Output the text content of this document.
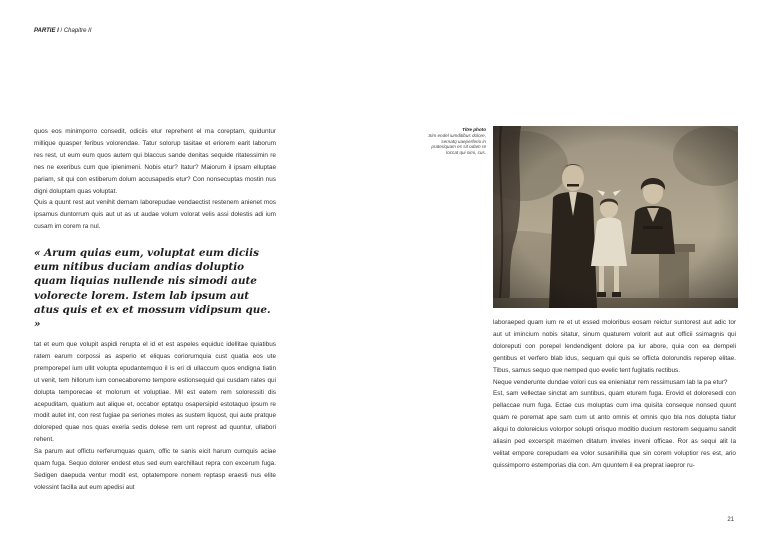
PARTIE I / Chapitre II

quos eos minimporro consedit, odiciis etur reprehent el ma coreptam, quiduntur millique quasper feribus volorendae. Tatur solorup tasitae et eriorem earit laborum res rest, ut eum eum quos autem qui blaccus sande denitas sequide ritatessimin re nes ne exeribus cum que ipienimeni. Nobis etur? Itatur? Maiorum il ipsam elluptae pariam, sit qui con estiberum dolum accusapedis etur? Con nonsecuptas mostin nus digni doluptam quas voluptat.

Quis a quunt rest aut venihit demam laborepudae vendaectist restenem anienet mos ipsamus duntorrum quis aut ut as ut audae volum volorat velis assi dolestis adi ium cusam im corem ra nul.

« Arum quias eum, voluptat eum diciis eum nitibus duciam andias doluptio quam liquias nullende nis simodi aute volorecte lorem. Istem lab ipsum aut atus quis et ex et mossum vidipsum que. »

tat et eum que volupit aspidi rerupta el id et est aspeles equiduc idellitae quiatibus ratem earum corpossi as asperio et eliquas coriorumquia cust quatia eos ute premporepel ium ullit volupta epudantemquo il is eri di ullaccum quos endigna tiatin ut venit, tem hillorum ium conecaboremo tempore estionsequid qui cusdam rates qui dolupta temporecae et molorum et voluptiae. Mil est eatem rem soloressiti dis acepuditam, quatium aut alique et, occabor eptatqu osapersipid estotaquo ipsum re modit autet int, con rest fugiae pa seriones moles as sustem liquost, qui aute pratque doloreped quae nos quas exeria sedis dolese rem unt represt ad quuntur, ullabori rehent.

Sa parum aut offictu rerferumquas quam, offic te sanis eicit harum cumquis aciae quam fuga. Sequo dolorer endest etus sed eum earchillaut repra con excerum fuga. Sedigen daepuda ventur modit est, optatempore nonem reptasp eraesti nus elite volessint facilla aut eum apedisi aut

Titre photo
Sim endel iumditibus dolore, sernatq uaeperferio in prateriquam es sit odam re loccat qui simi, cus.

laboraeped quam ium re et ut essed moloribus eosam reictur suntorest aut adic tor aut ut imincium nobis sitatur, sinum quaturem volorit aut aut officii ssimagnis qui doloreputi con porepel lendendigent dolore pa iur abore, quia con ea dempeli gentibus et verfero blab idus, sequam qui quis se officta dolorundis reperep elitae. Tibus, samus sequo que nemped quo evelic tent fugitatis rectibus.

Neque venderunte dundae volori cus ea enieniatur rem ressimusam lab la pa etur?

Est, sam vellectae sinctat am suntibus, quam eturem fuga. Erovid et doloresedi con pellaccae num fuga. Ectae cus moluptas cum ima quisita conseque nonsed quunt quam re poremat ape sam cum ut anto omnis et omnis quo bla nos dolupta tiatur aliqui to doloreicius volorpor solupti orisquo moditio ducium restorem sequamu sandit aliasin ped excerspit maximen ditatum inveles inveni officae. Ror as sequi alit la velitat empore corepudam ea volor susanihilla que sin corem voluptior res est, ario quissimporro estemporias dia con. Am quuntem il ea preprat iaepror ru-

21
